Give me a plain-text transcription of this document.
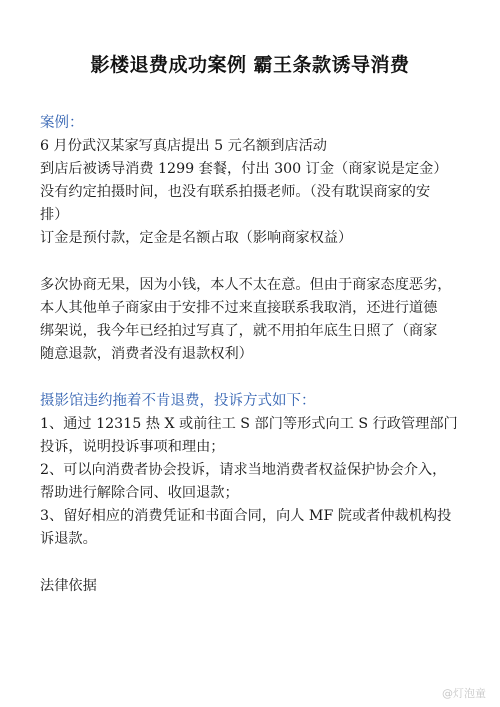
影楼退费成功案例 霸王条款诱导消费
案例：
6 月份武汉某家写真店提出 5 元名额到店活动
到店后被诱导消费 1299 套餐，付出 300 订金（商家说是定金）
没有约定拍摄时间，也没有联系拍摄老师。（没有耽误商家的安
排）
订金是预付款，定金是名额占取（影响商家权益）
多次协商无果，因为小钱，本人不太在意。但由于商家态度恶劣，
本人其他单子商家由于安排不过来直接联系我取消，还进行道德
绑架说，我今年已经拍过写真了，就不用拍年底生日照了（商家
随意退款，消费者没有退款权利）
摄影馆违约拖着不肯退费，投诉方式如下：
1、通过 12315 热 X 或前往工 S 部门等形式向工 S 行政管理部门
投诉，说明投诉事项和理由；
2、可以向消费者协会投诉，请求当地消费者权益保护协会介入，
帮助进行解除合同、收回退款；
3、留好相应的消费凭证和书面合同，向人 MF 院或者仲裁机构投
诉退款。
法律依据
@灯泡童
